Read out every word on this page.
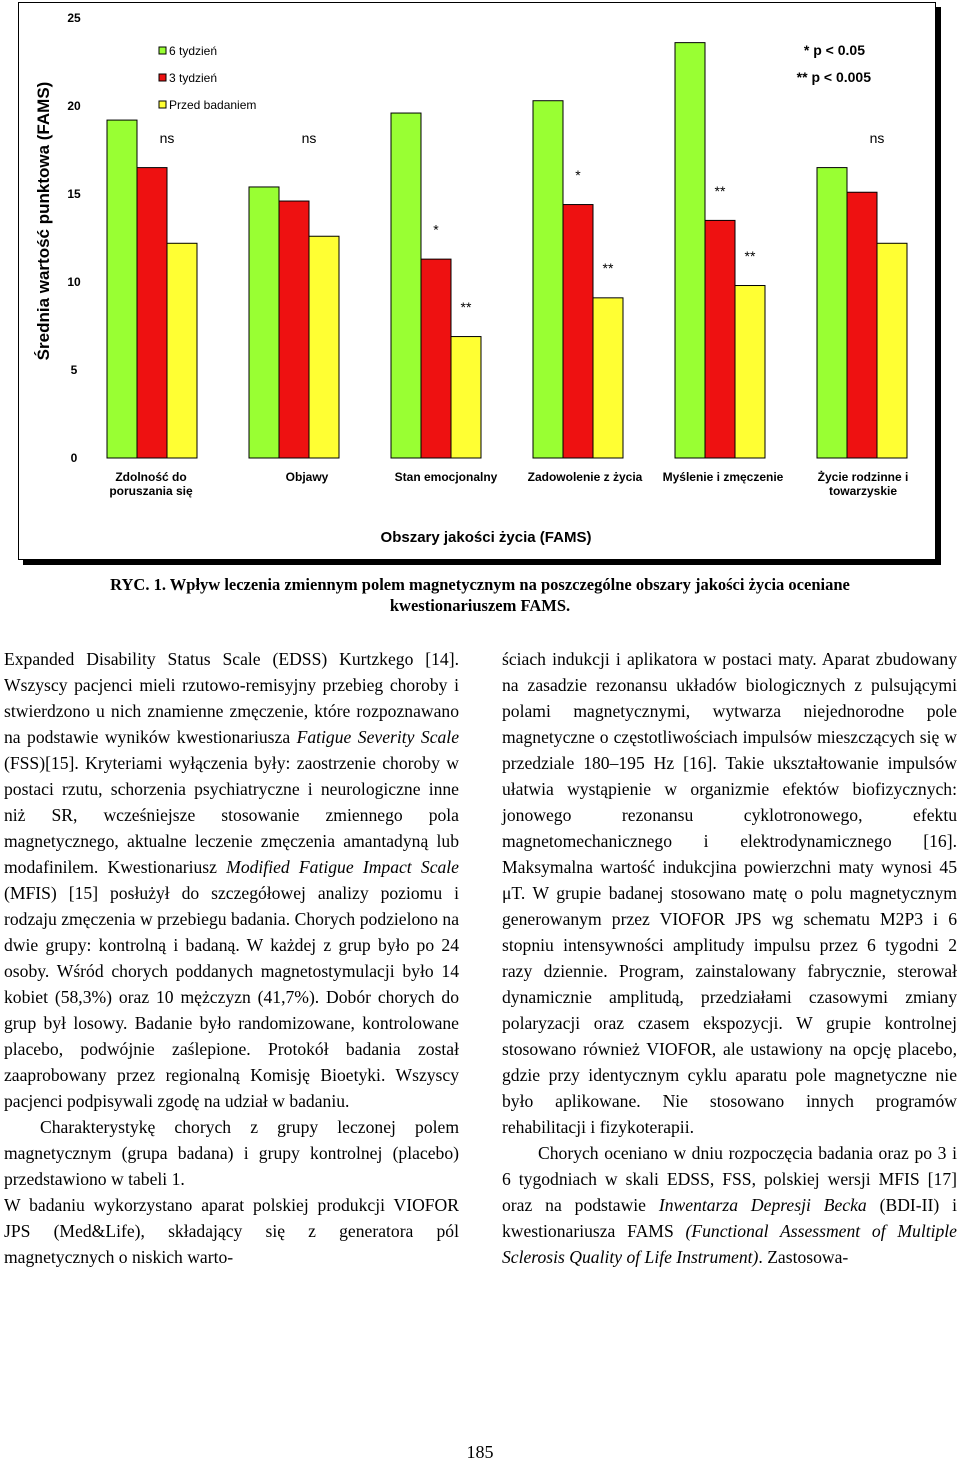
0
5
10
15
20
25
Zdolność do
poruszania się
Objawy	Stan emocjonalny	Zadowolenie z życia Myślenie i zmęczenie	Życie rodzinne i
towarzyskie
ns	ns
*
**
*
**
**
**
ns
Średnia wartość punktowa (FAMS)
Obszary jakości życia (FAMS)
6 tydzień
3 tydzień
Przed badaniem
* p < 0.05
** p < 0.005
RYC. 1. Wpływ leczenia zmiennym polem magnetycznym na poszczególne obszary jakości życia oceniane kwestionariuszem FAMS.

Expanded Disability Status Scale (EDSS) Kurtzkego [14]. Wszyscy pacjenci mieli rzutowo-remisyjny przebieg choroby i stwierdzono u nich znamienne zmęczenie, które rozpoznawano na podstawie wyników kwestionariusza Fatigue Severity Scale (FSS)[15]. Kryteriami wyłączenia były: zaostrzenie choroby w postaci rzutu, schorzenia psychiatryczne i neurologiczne inne niż SR, wcześniejsze stosowanie zmiennego pola magnetycznego, aktualne leczenie zmęczenia amantadyną lub modafinilem. Kwestionariusz Modified Fatigue Impact Scale (MFIS) [15] posłużył do szczegółowej analizy poziomu i rodzaju zmęczenia w przebiegu badania. Chorych podzielono na dwie grupy: kontrolną i badaną. W każdej z grup było po 24 osoby. Wśród chorych poddanych magnetostymulacji było 14 kobiet (58,3%) oraz 10 mężczyzn (41,7%). Dobór chorych do grup był losowy. Badanie było randomizowane, kontrolowane placebo, podwójnie zaślepione. Protokół badania został zaaprobowany przez regionalną Komisję Bioetyki. Wszyscy pacjenci podpisywali zgodę na udział w badaniu.

Charakterystykę chorych z grupy leczonej polem magnetycznym (grupa badana) i grupy kontrolnej (placebo) przedstawiono w tabeli 1.

W badaniu wykorzystano aparat polskiej produkcji VIOFOR JPS (Med&Life), składający się z generatora pól magnetycznych o niskich warto-

ściach indukcji i aplikatora w postaci maty. Aparat zbudowany na zasadzie rezonansu układów biologicznych z pulsującymi polami magnetycznymi, wytwarza niejednorodne pole magnetyczne o częstotliwościach impulsów mieszczących się w przedziale 180–195 Hz [16]. Takie ukształtowanie impulsów ułatwia wystąpienie w organizmie efektów biofizycznych: jonowego rezonansu cyklotronowego, efektu magnetomechanicznego i elektrodynamicznego [16]. Maksymalna wartość indukcjina powierzchni maty wynosi 45 μT. W grupie badanej stosowano matę o polu magnetycznym generowanym przez VIOFOR JPS wg schematu M2P3 i 6 stopniu intensywności amplitudy impulsu przez 6 tygodni 2 razy dziennie. Program, zainstalowany fabrycznie, sterował dynamicznie amplitudą, przedziałami czasowymi zmiany polaryzacji oraz czasem ekspozycji. W grupie kontrolnej stosowano również VIOFOR, ale ustawiony na opcję placebo, gdzie przy identycznym cyklu aparatu pole magnetyczne nie było aplikowane. Nie stosowano innych programów rehabilitacji i fizykoterapii.

Chorych oceniano w dniu rozpoczęcia badania oraz po 3 i 6 tygodniach w skali EDSS, FSS, polskiej wersji MFIS [17] oraz na podstawie Inwentarza Depresji Becka (BDI-II) i kwestionariusza FAMS (Functional Assessment of Multiple Sclerosis Quality of Life Instrument). Zastosowa-

185
